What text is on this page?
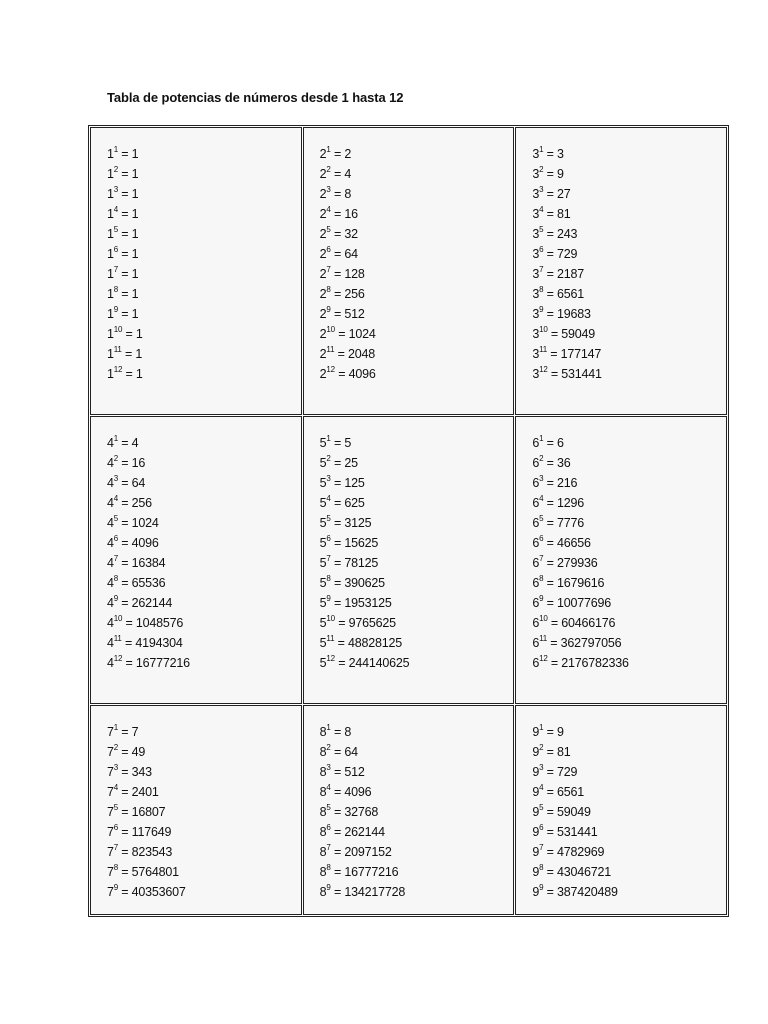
Tabla de potencias de números desde 1 hasta 12
$1^1 = 1$
$1^2 = 1$
$1^3 = 1$
$1^4 = 1$
$1^5 = 1$
$1^6 = 1$
$1^7 = 1$
$1^8 = 1$
$1^9 = 1$
$1^{10} = 1$
$1^{11} = 1$
$1^{12} = 1$
$2^1 = 2$
$2^2 = 4$
$2^3 = 8$
$2^4 = 16$
$2^5 = 32$
$2^6 = 64$
$2^7 = 128$
$2^8 = 256$
$2^9 = 512$
$2^{10} = 1024$
$2^{11} = 2048$
$2^{12} = 4096$
$3^1 = 3$
$3^2 = 9$
$3^3 = 27$
$3^4 = 81$
$3^5 = 243$
$3^6 = 729$
$3^7 = 2187$
$3^8 = 6561$
$3^9 = 19683$
$3^{10} = 59049$
$3^{11} = 177147$
$3^{12} = 531441$
$4^1 = 4$
$4^2 = 16$
$4^3 = 64$
$4^4 = 256$
$4^5 = 1024$
$4^6 = 4096$
$4^7 = 16384$
$4^8 = 65536$
$4^9 = 262144$
$4^{10} = 1048576$
$4^{11} = 4194304$
$4^{12} = 16777216$
$5^1 = 5$
$5^2 = 25$
$5^3 = 125$
$5^4 = 625$
$5^5 = 3125$
$5^6 = 15625$
$5^7 = 78125$
$5^8 = 390625$
$5^9 = 1953125$
$5^{10} = 9765625$
$5^{11} = 48828125$
$5^{12} = 244140625$
$6^1 = 6$
$6^2 = 36$
$6^3 = 216$
$6^4 = 1296$
$6^5 = 7776$
$6^6 = 46656$
$6^7 = 279936$
$6^8 = 1679616$
$6^9 = 10077696$
$6^{10} = 60466176$
$6^{11} = 362797056$
$6^{12} = 2176782336$
$7^1 = 7$
$7^2 = 49$
$7^3 = 343$
$7^4 = 2401$
$7^5 = 16807$
$7^6 = 117649$
$7^7 = 823543$
$7^8 = 5764801$
$7^9 = 40353607$
$8^1 = 8$
$8^2 = 64$
$8^3 = 512$
$8^4 = 4096$
$8^5 = 32768$
$8^6 = 262144$
$8^7 = 2097152$
$8^8 = 16777216$
$8^9 = 134217728$
$9^1 = 9$
$9^2 = 81$
$9^3 = 729$
$9^4 = 6561$
$9^5 = 59049$
$9^6 = 531441$
$9^7 = 4782969$
$9^8 = 43046721$
$9^9 = 387420489$
